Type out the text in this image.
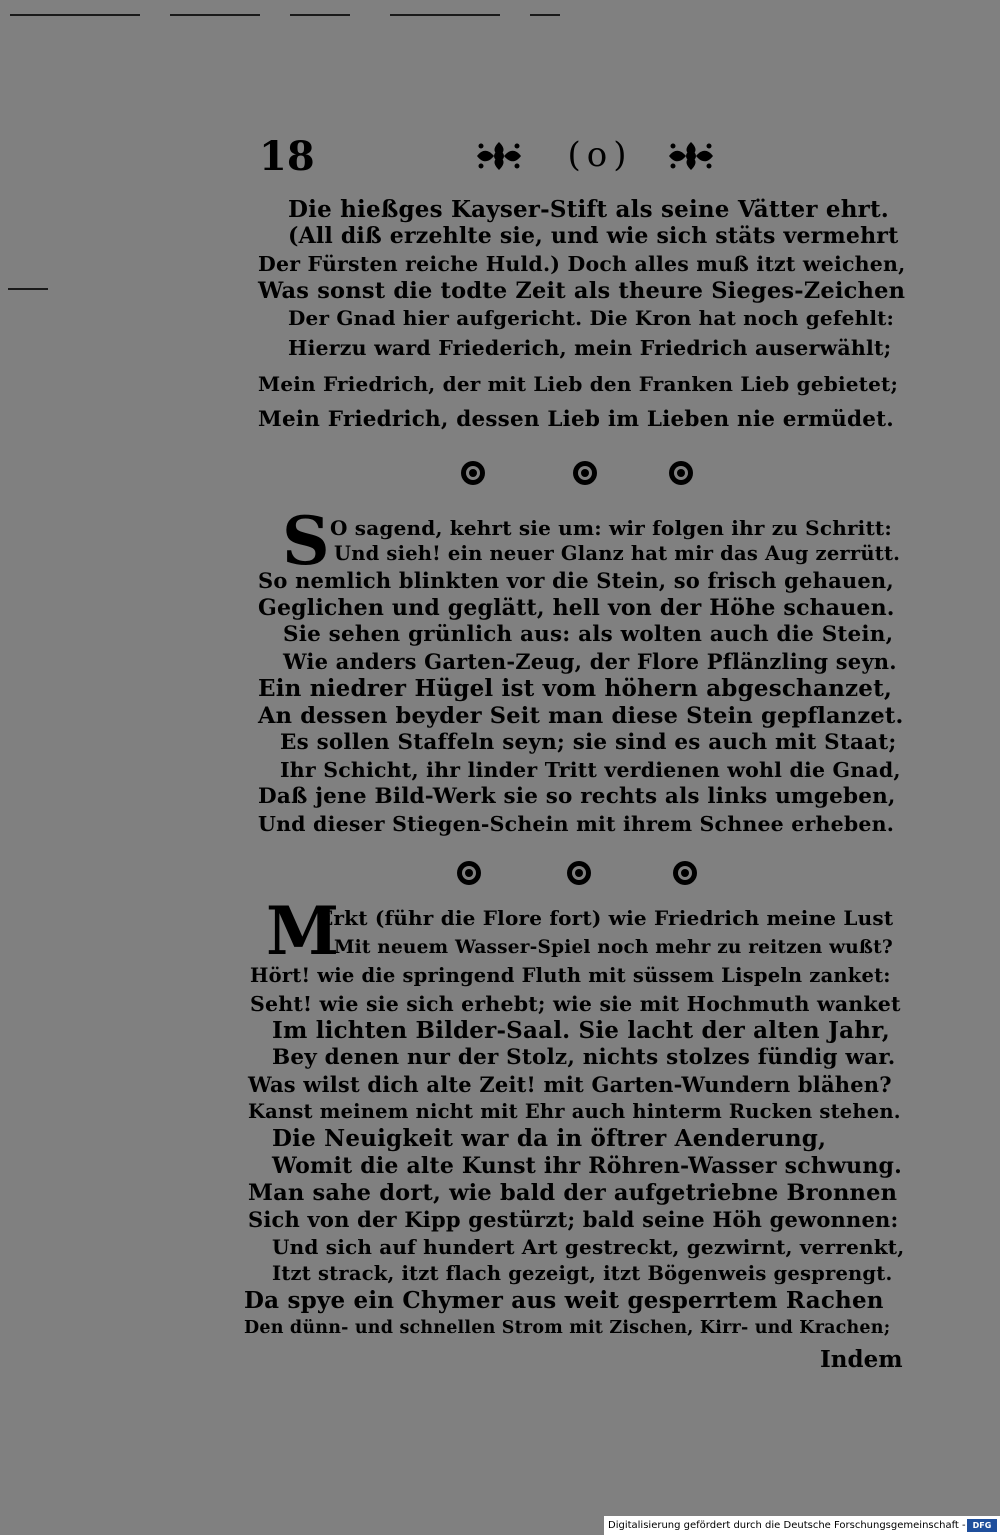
18	(o)
Die hießges Kayser-Stift als seine Vätter ehrt.
(All diß erzehlte sie, und wie sich stäts vermehrt
Der Fürsten reiche Huld.) Doch alles muß itzt weichen,
Was sonst die todte Zeit als theure Sieges-Zeichen
Der Gnad hier aufgericht. Die Kron hat noch gefehlt:
Hierzu ward Friederich, mein Friedrich auserwählt;
Mein Friedrich, der mit Lieb den Franken Lieb gebietet;
Mein Friedrich, dessen Lieb im Lieben nie ermüdet.
S O sagend, kehrt sie um: wir folgen ihr zu Schritt:
Und sieh! ein neuer Glanz hat mir das Aug zerrütt.
So nemlich blinkten vor die Stein, so frisch gehauen,
Geglichen und geglätt, hell von der Höhe schauen.
Sie sehen grünlich aus: als wolten auch die Stein,
Wie anders Garten-Zeug, der Flore Pflänzling seyn.
Ein niedrer Hügel ist vom höhern abgeschanzet,
An dessen beyder Seit man diese Stein gepflanzet.
Es sollen Staffeln seyn; sie sind es auch mit Staat;
Ihr Schicht, ihr linder Tritt verdienen wohl die Gnad,
Daß jene Bild-Werk sie so rechts als links umgeben,
Und dieser Stiegen-Schein mit ihrem Schnee erheben.
M
Erkt (führ die Flore fort) wie Friedrich meine Lust
Mit neuem Wasser-Spiel noch mehr zu reitzen wußt?
Hört! wie die springend Fluth mit süssem Lispeln zanket:
Seht! wie sie sich erhebt; wie sie mit Hochmuth wanket
Im lichten Bilder-Saal. Sie lacht der alten Jahr,
Bey denen nur der Stolz, nichts stolzes fündig war.
Was wilst dich alte Zeit! mit Garten-Wundern blähen?
Kanst meinem nicht mit Ehr auch hinterm Rucken stehen.
Die Neuigkeit war da in öftrer Aenderung,
Womit die alte Kunst ihr Röhren-Wasser schwung.
Man sahe dort, wie bald der aufgetriebne Bronnen
Sich von der Kipp gestürzt; bald seine Höh gewonnen:
Und sich auf hundert Art gestreckt, gezwirnt, verrenkt,
Itzt strack, itzt flach gezeigt, itzt Bögenweis gesprengt.
Da spye ein Chymer aus weit gesperrtem Rachen
Den dünn- und schnellen Strom mit Zischen, Kirr- und Krachen;
Indem
Digitalisierung gefördert durch die Deutsche Forschungsgemeinschaft - DFG
